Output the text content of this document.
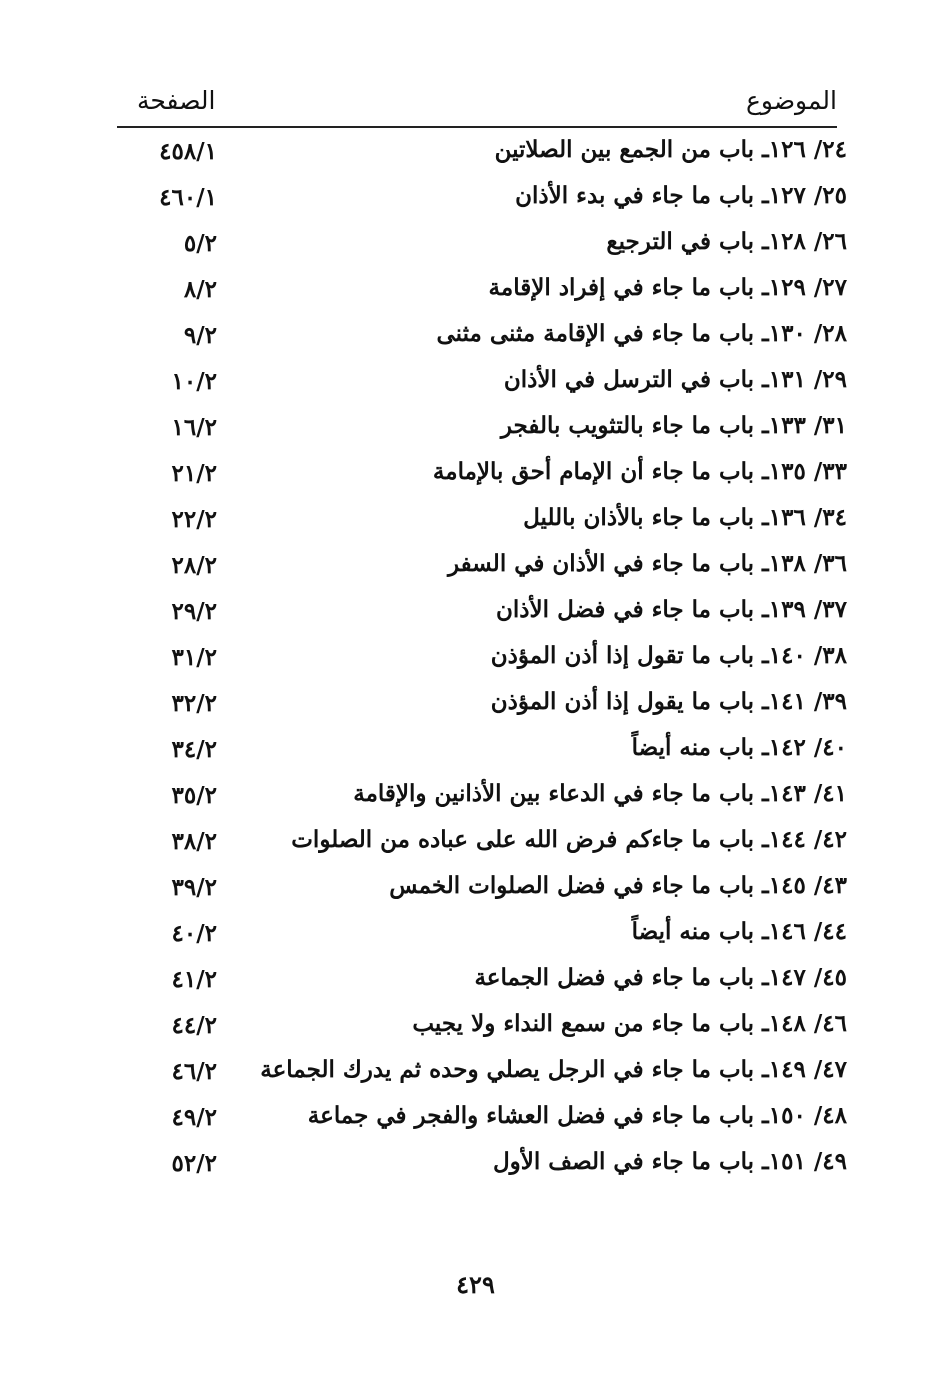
الموضوع
الصفحة
٢٤/ ١٢٦ـ باب من الجمع بين الصلاتين
٤٥٨/١
٢٥/ ١٢٧ـ باب ما جاء في بدء الأذان
٤٦٠/١
٢٦/ ١٢٨ـ باب في الترجيع
٥/٢
٢٧/ ١٢٩ـ باب ما جاء في إفراد الإقامة
٨/٢
٢٨/ ١٣٠ـ باب ما جاء في الإقامة مثنى مثنى
٩/٢
٢٩/ ١٣١ـ باب في الترسل في الأذان
١٠/٢
٣١/ ١٣٣ـ باب ما جاء بالتثويب بالفجر
١٦/٢
٣٣/ ١٣٥ـ باب ما جاء أن الإمام أحق بالإمامة
٢١/٢
٣٤/ ١٣٦ـ باب ما جاء بالأذان بالليل
٢٢/٢
٣٦/ ١٣٨ـ باب ما جاء في الأذان في السفر
٢٨/٢
٣٧/ ١٣٩ـ باب ما جاء في فضل الأذان
٢٩/٢
٣٨/ ١٤٠ـ باب ما تقول إذا أذن المؤذن
٣١/٢
٣٩/ ١٤١ـ باب ما يقول إذا أذن المؤذن
٣٢/٢
٤٠/ ١٤٢ـ باب منه أيضاً
٣٤/٢
٤١/ ١٤٣ـ باب ما جاء في الدعاء بين الأذانين والإقامة
٣٥/٢
٤٢/ ١٤٤ـ باب ما جاءكم فرض الله على عباده من الصلوات
٣٨/٢
٤٣/ ١٤٥ـ باب ما جاء في فضل الصلوات الخمس
٣٩/٢
٤٤/ ١٤٦ـ باب منه أيضاً
٤٠/٢
٤٥/ ١٤٧ـ باب ما جاء في فضل الجماعة
٤١/٢
٤٦/ ١٤٨ـ باب ما جاء من سمع النداء ولا يجيب
٤٤/٢
٤٧/ ١٤٩ـ باب ما جاء في الرجل يصلي وحده ثم يدرك الجماعة
٤٦/٢
٤٨/ ١٥٠ـ باب ما جاء في فضل العشاء والفجر في جماعة
٤٩/٢
٤٩/ ١٥١ـ باب ما جاء في الصف الأول
٥٢/٢
٤٢٩
